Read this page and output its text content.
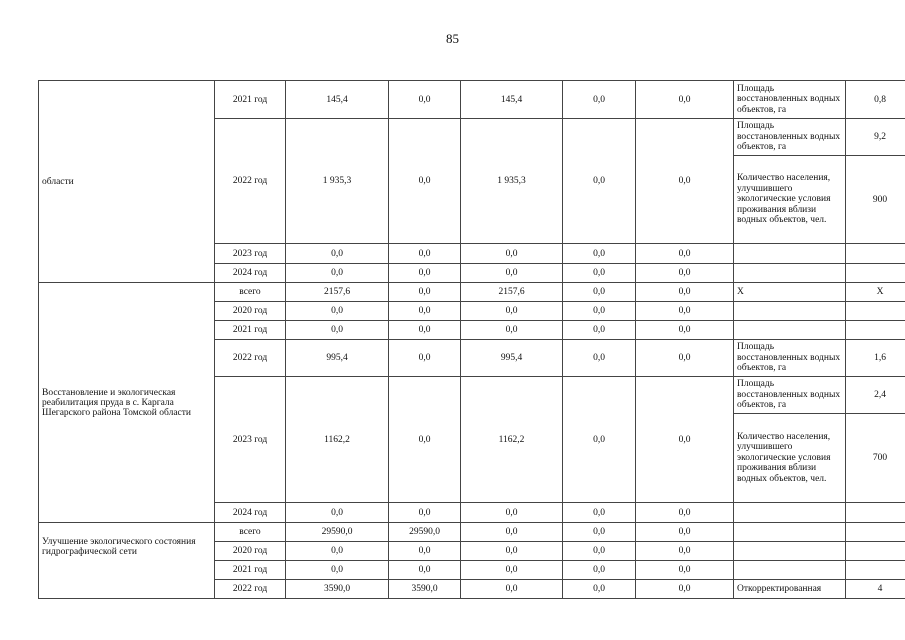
85
области	2021 год	145,4	0,0	145,4	0,0	0,0	Площадь восстановленных водных объектов, га	0,8
	2022 год	1 935,3	0,0	1 935,3	0,0	0,0	Площадь восстановленных водных объектов, га	9,2
							Количество населения, улучшившего экологические условия проживания вблизи водных объектов, чел.	900
	2023 год	0,0	0,0	0,0	0,0	0,0		
	2024 год	0,0	0,0	0,0	0,0	0,0		
Восстановление и экологическая реабилитация пруда в с. Каргала Шегарского района Томской области	всего	2157,6	0,0	2157,6	0,0	0,0	Х	Х
	2020 год	0,0	0,0	0,0	0,0	0,0		
	2021 год	0,0	0,0	0,0	0,0	0,0		
	2022 год	995,4	0,0	995,4	0,0	0,0	Площадь восстановленных водных объектов, га	1,6
	2023 год	1162,2	0,0	1162,2	0,0	0,0	Площадь восстановленных водных объектов, га	2,4
							Количество населения, улучшившего экологические условия проживания вблизи водных объектов, чел.	700
	2024 год	0,0	0,0	0,0	0,0	0,0		
Улучшение экологического состояния гидрографической сети	всего	29590,0	29590,0	0,0	0,0	0,0		
	2020 год	0,0	0,0	0,0	0,0	0,0		
	2021 год	0,0	0,0	0,0	0,0	0,0		
	2022 год	3590,0	3590,0	0,0	0,0	0,0	Откорректированная	4
